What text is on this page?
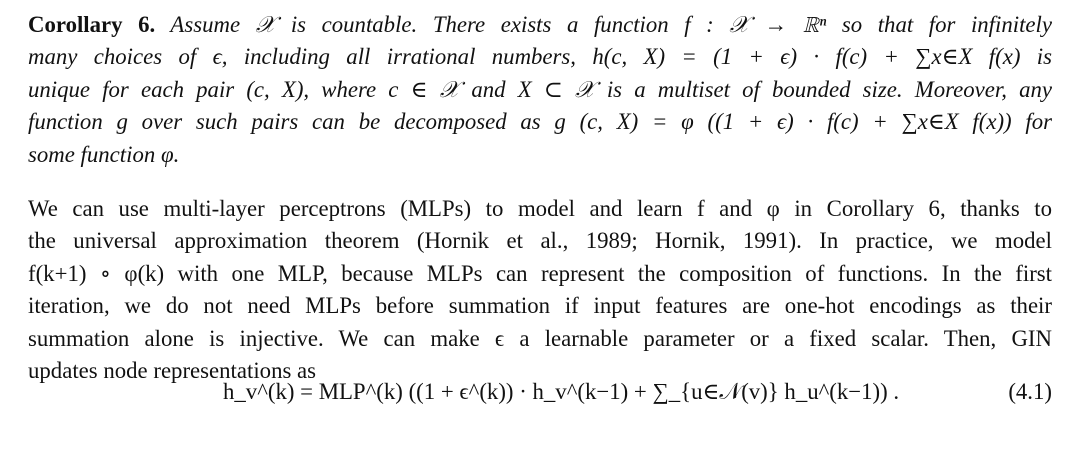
Corollary 6. Assume 𝒳 is countable. There exists a function f : 𝒳 → ℝⁿ so that for infinitely
many choices of ϵ, including all irrational numbers, h(c, X) = (1 + ϵ) · f(c) + ∑x∈X f(x) is
unique for each pair (c, X), where c ∈ 𝒳 and X ⊂ 𝒳 is a multiset of bounded size. Moreover, any
function g over such pairs can be decomposed as g (c, X) = φ ((1 + ϵ) · f(c) + ∑x∈X f(x)) for
some function φ.

We can use multi-layer perceptrons (MLPs) to model and learn f and φ in Corollary 6, thanks to
the universal approximation theorem (Hornik et al., 1989; Hornik, 1991). In practice, we model
f(k+1) ∘ φ(k) with one MLP, because MLPs can represent the composition of functions. In the first
iteration, we do not need MLPs before summation if input features are one-hot encodings as their
summation alone is injective. We can make ϵ a learnable parameter or a fixed scalar. Then, GIN
updates node representations as

h_v^(k) = MLP^(k) ((1 + ϵ^(k)) · h_v^(k−1) + ∑_{u∈𝒩(v)} h_u^(k−1)) .	(4.1)
